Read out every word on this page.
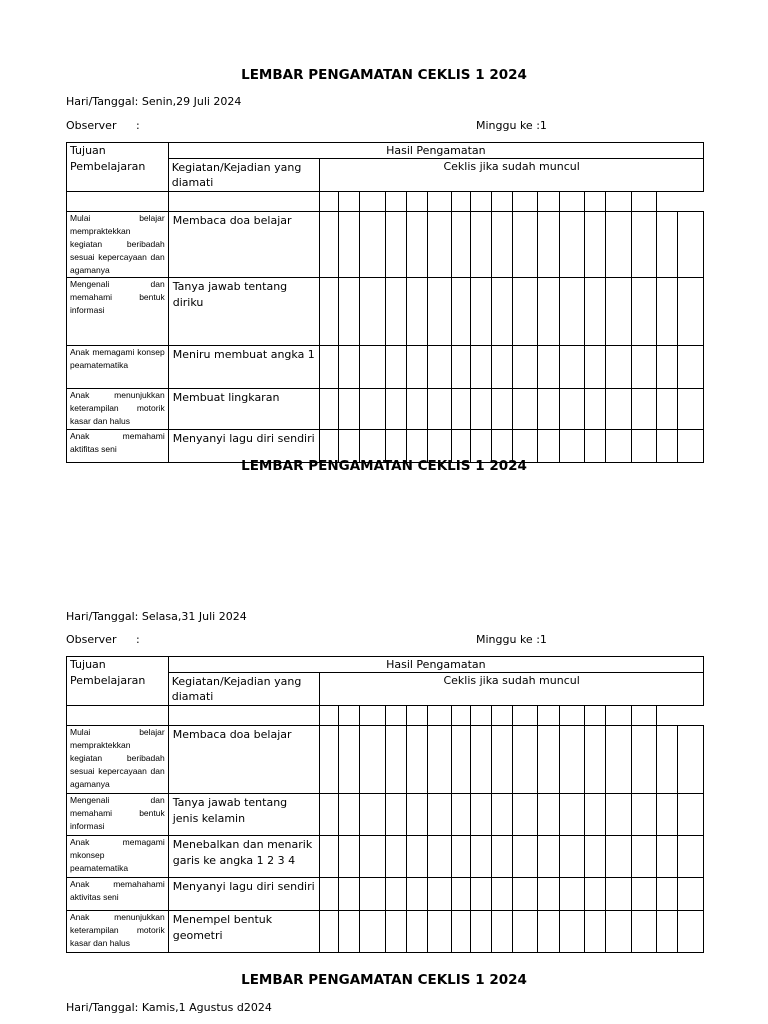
LEMBAR PENGAMATAN CEKLIS 1 2024
Hari/Tanggal: Senin,29 Juli 2024
Observer :	Minggu ke :1
Tujuan Pembelajaran	Hasil Pengamatan																	
	Kegiatan/Kejadian yang diamati	Ceklis jika sudah muncul																

Mulai belajar mempraktekkan kegiatan beribadah sesuai kepercayaan dan agamanya	Membaca doa belajar																	
Mengenali dan memahami bentuk informasi	Tanya jawab tentang diriku																	
Anak memagami konsep peamatematika	Meniru membuat angka 1																	
Anak menunjukkan keterampilan motorik kasar dan halus	Membuat lingkaran																	
Anak memahami aktifitas seni	Menyanyi lagu diri sendiri																	
LEMBAR PENGAMATAN CEKLIS 1 2024
Hari/Tanggal: Selasa,31 Juli 2024
Observer :	Minggu ke :1
Tujuan Pembelajaran	Hasil Pengamatan																	
	Kegiatan/Kejadian yang diamati	Ceklis jika sudah muncul																

Mulai belajar mempraktekkan kegiatan beribadah sesuai kepercayaan dan agamanya	Membaca doa belajar																	
Mengenali dan memahami bentuk informasi	Tanya jawab tentang jenis kelamin																	
Anak memagami mkonsep peamatematika	Menebalkan dan menarik garis ke angka 1 2 3 4																	
Anak memahahami aktivitas seni	Menyanyi lagu diri sendiri																	
Anak menunjukkan keterampilan motorik kasar dan halus	Menempel bentuk geometri																	
LEMBAR PENGAMATAN CEKLIS 1 2024
Hari/Tanggal: Kamis,1 Agustus d2024
